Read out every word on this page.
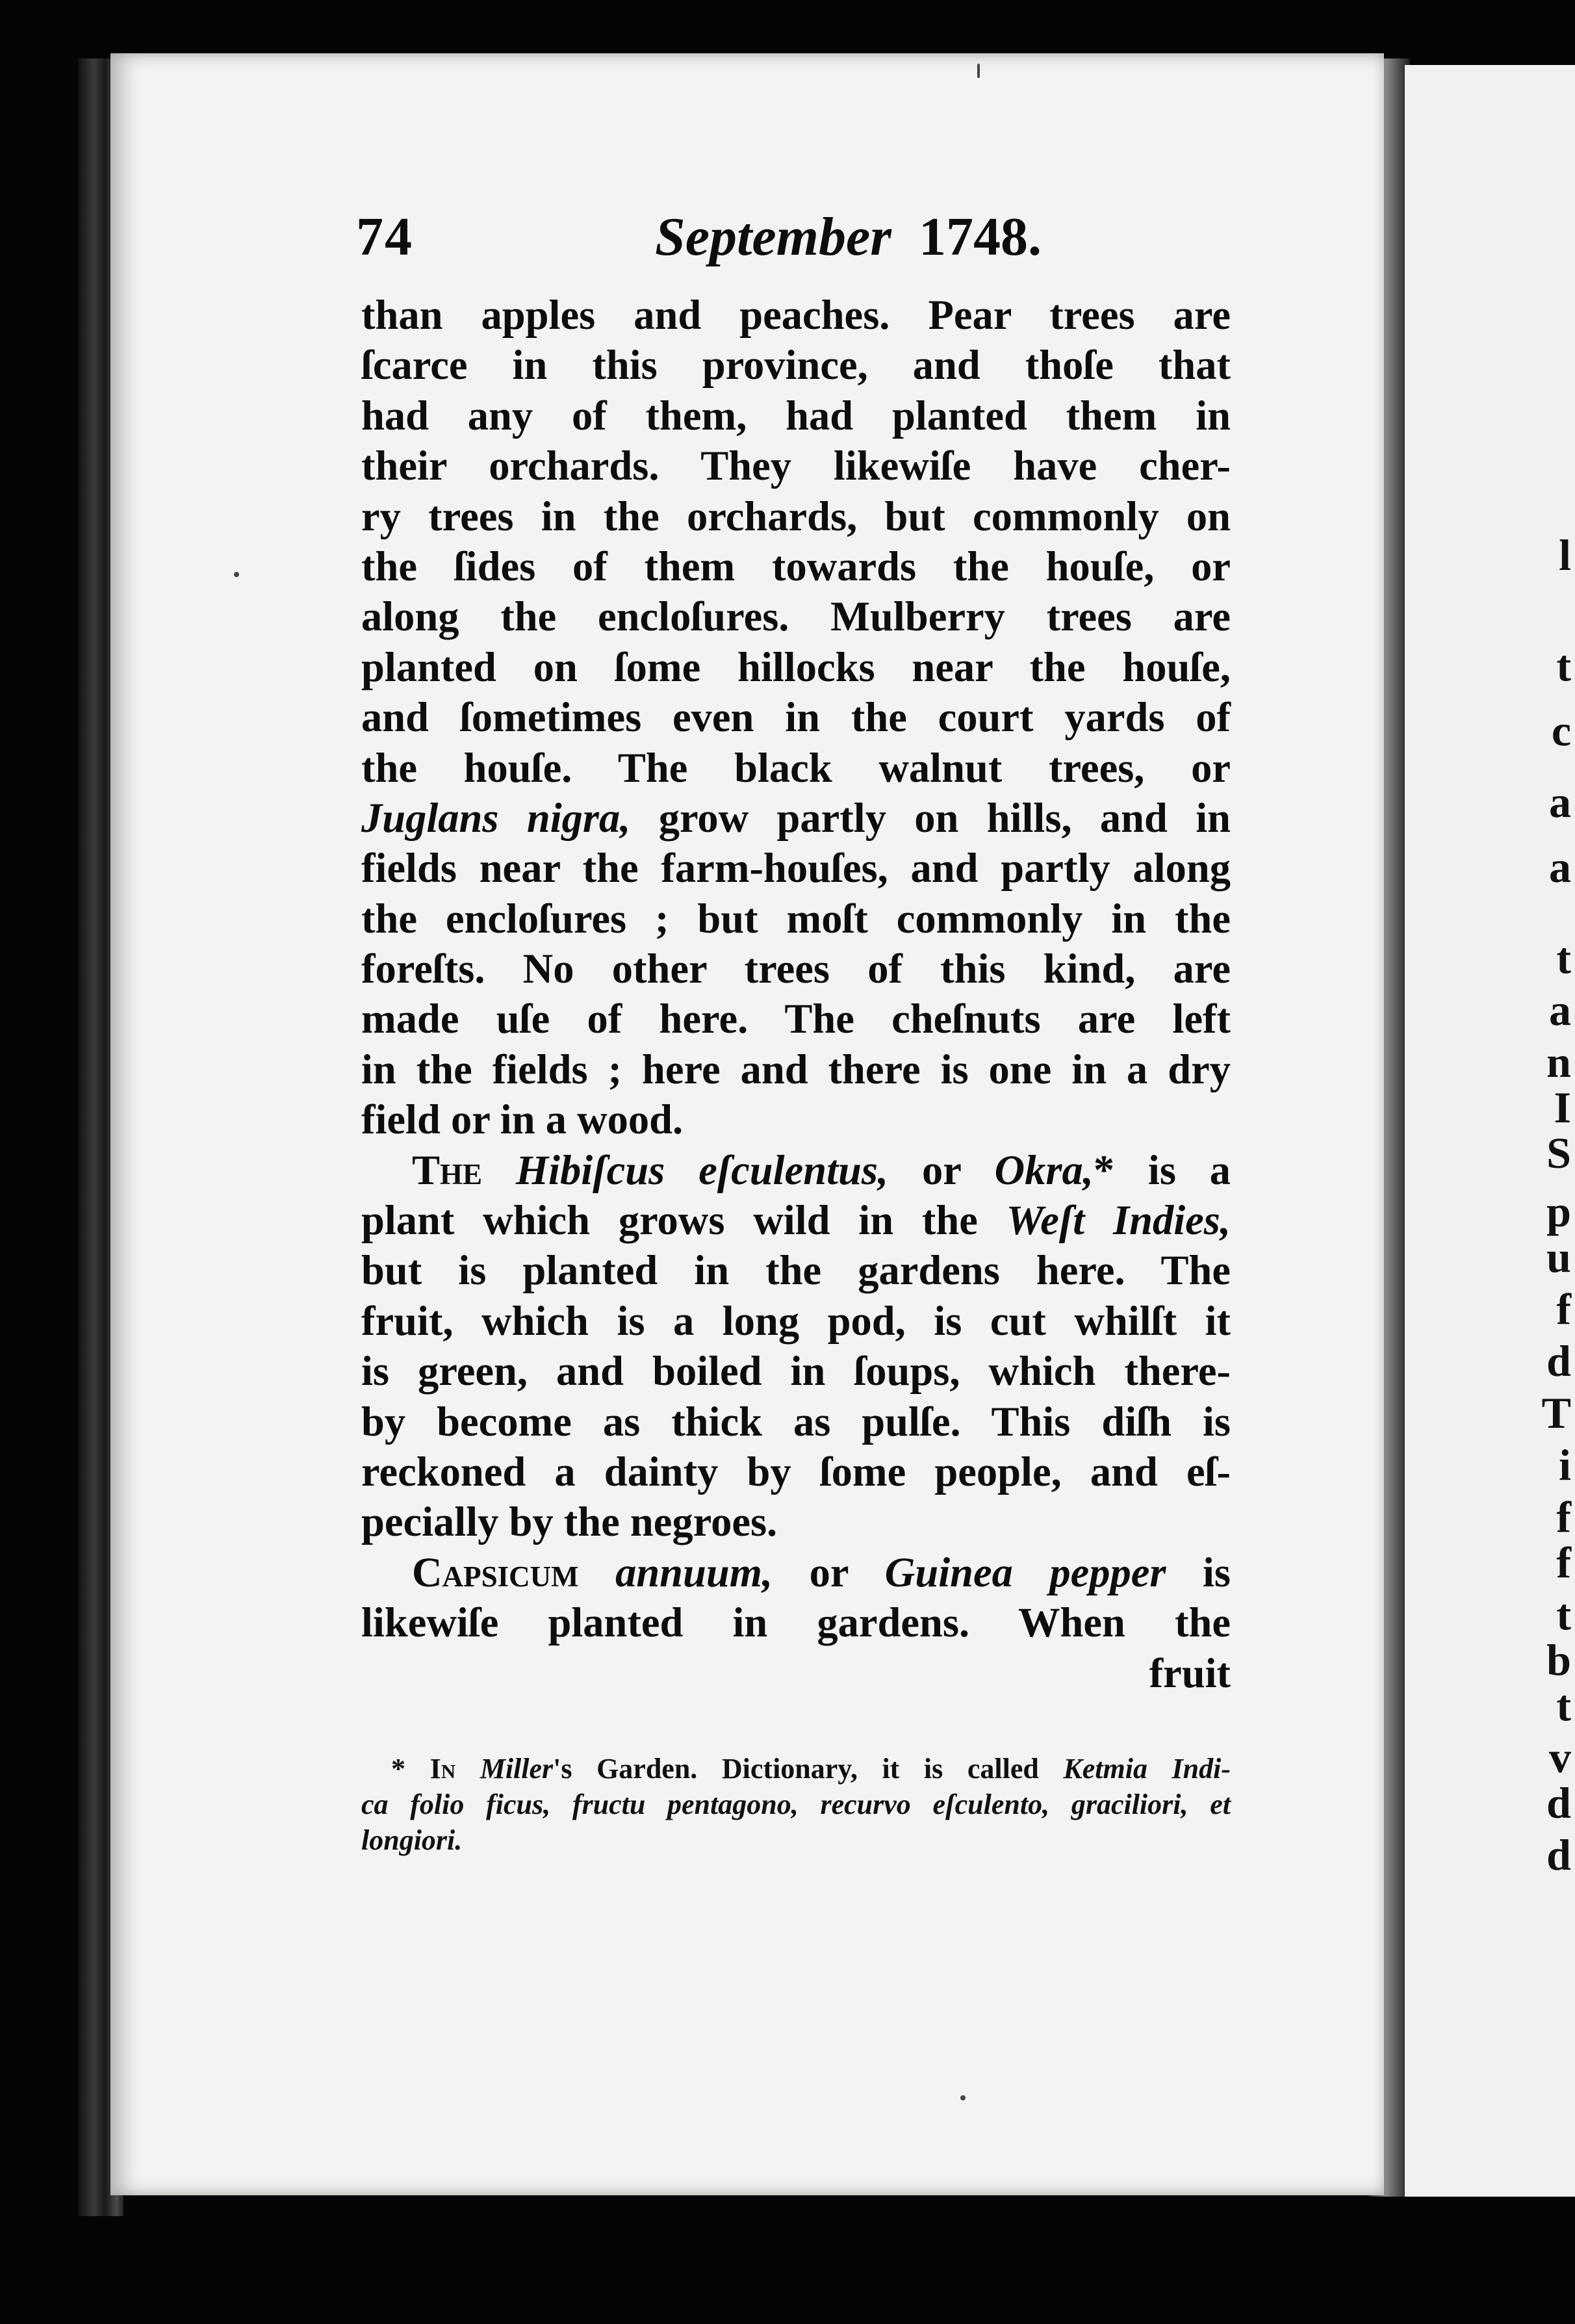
l
t
c
a
a
t
a
n
I
S
p
u
f
d
T
i
f
f
t
b
t
v
d
d
74	September 1748.
than apples and peaches. Pear trees are
ſcarce in this province, and thoſe that
had any of them, had planted them in
their orchards. They likewiſe have cher-
ry trees in the orchards, but commonly on
the ſides of them towards the houſe, or
along the encloſures. Mulberry trees are
planted on ſome hillocks near the houſe,
and ſometimes even in the court yards of
the houſe. The black walnut trees, or
Juglans nigra, grow partly on hills, and in
fields near the farm-houſes, and partly along
the encloſures ; but moſt commonly in the
foreſts. No other trees of this kind, are
made uſe of here. The cheſnuts are left
in the fields ; here and there is one in a dry
field or in a wood.
The Hibiſcus eſculentus, or Okra,* is a
plant which grows wild in the Weſt Indies,
but is planted in the gardens here. The
fruit, which is a long pod, is cut whilſt it
is green, and boiled in ſoups, which there-
by become as thick as pulſe. This diſh is
reckoned a dainty by ſome people, and eſ-
pecially by the negroes.
Capsicum annuum, or Guinea pepper is
likewiſe planted in gardens. When the
fruit
* In Miller's Garden. Dictionary, it is called Ketmia Indi-
ca folio ficus, fructu pentagono, recurvo eſculento, graciliori, et
longiori.
